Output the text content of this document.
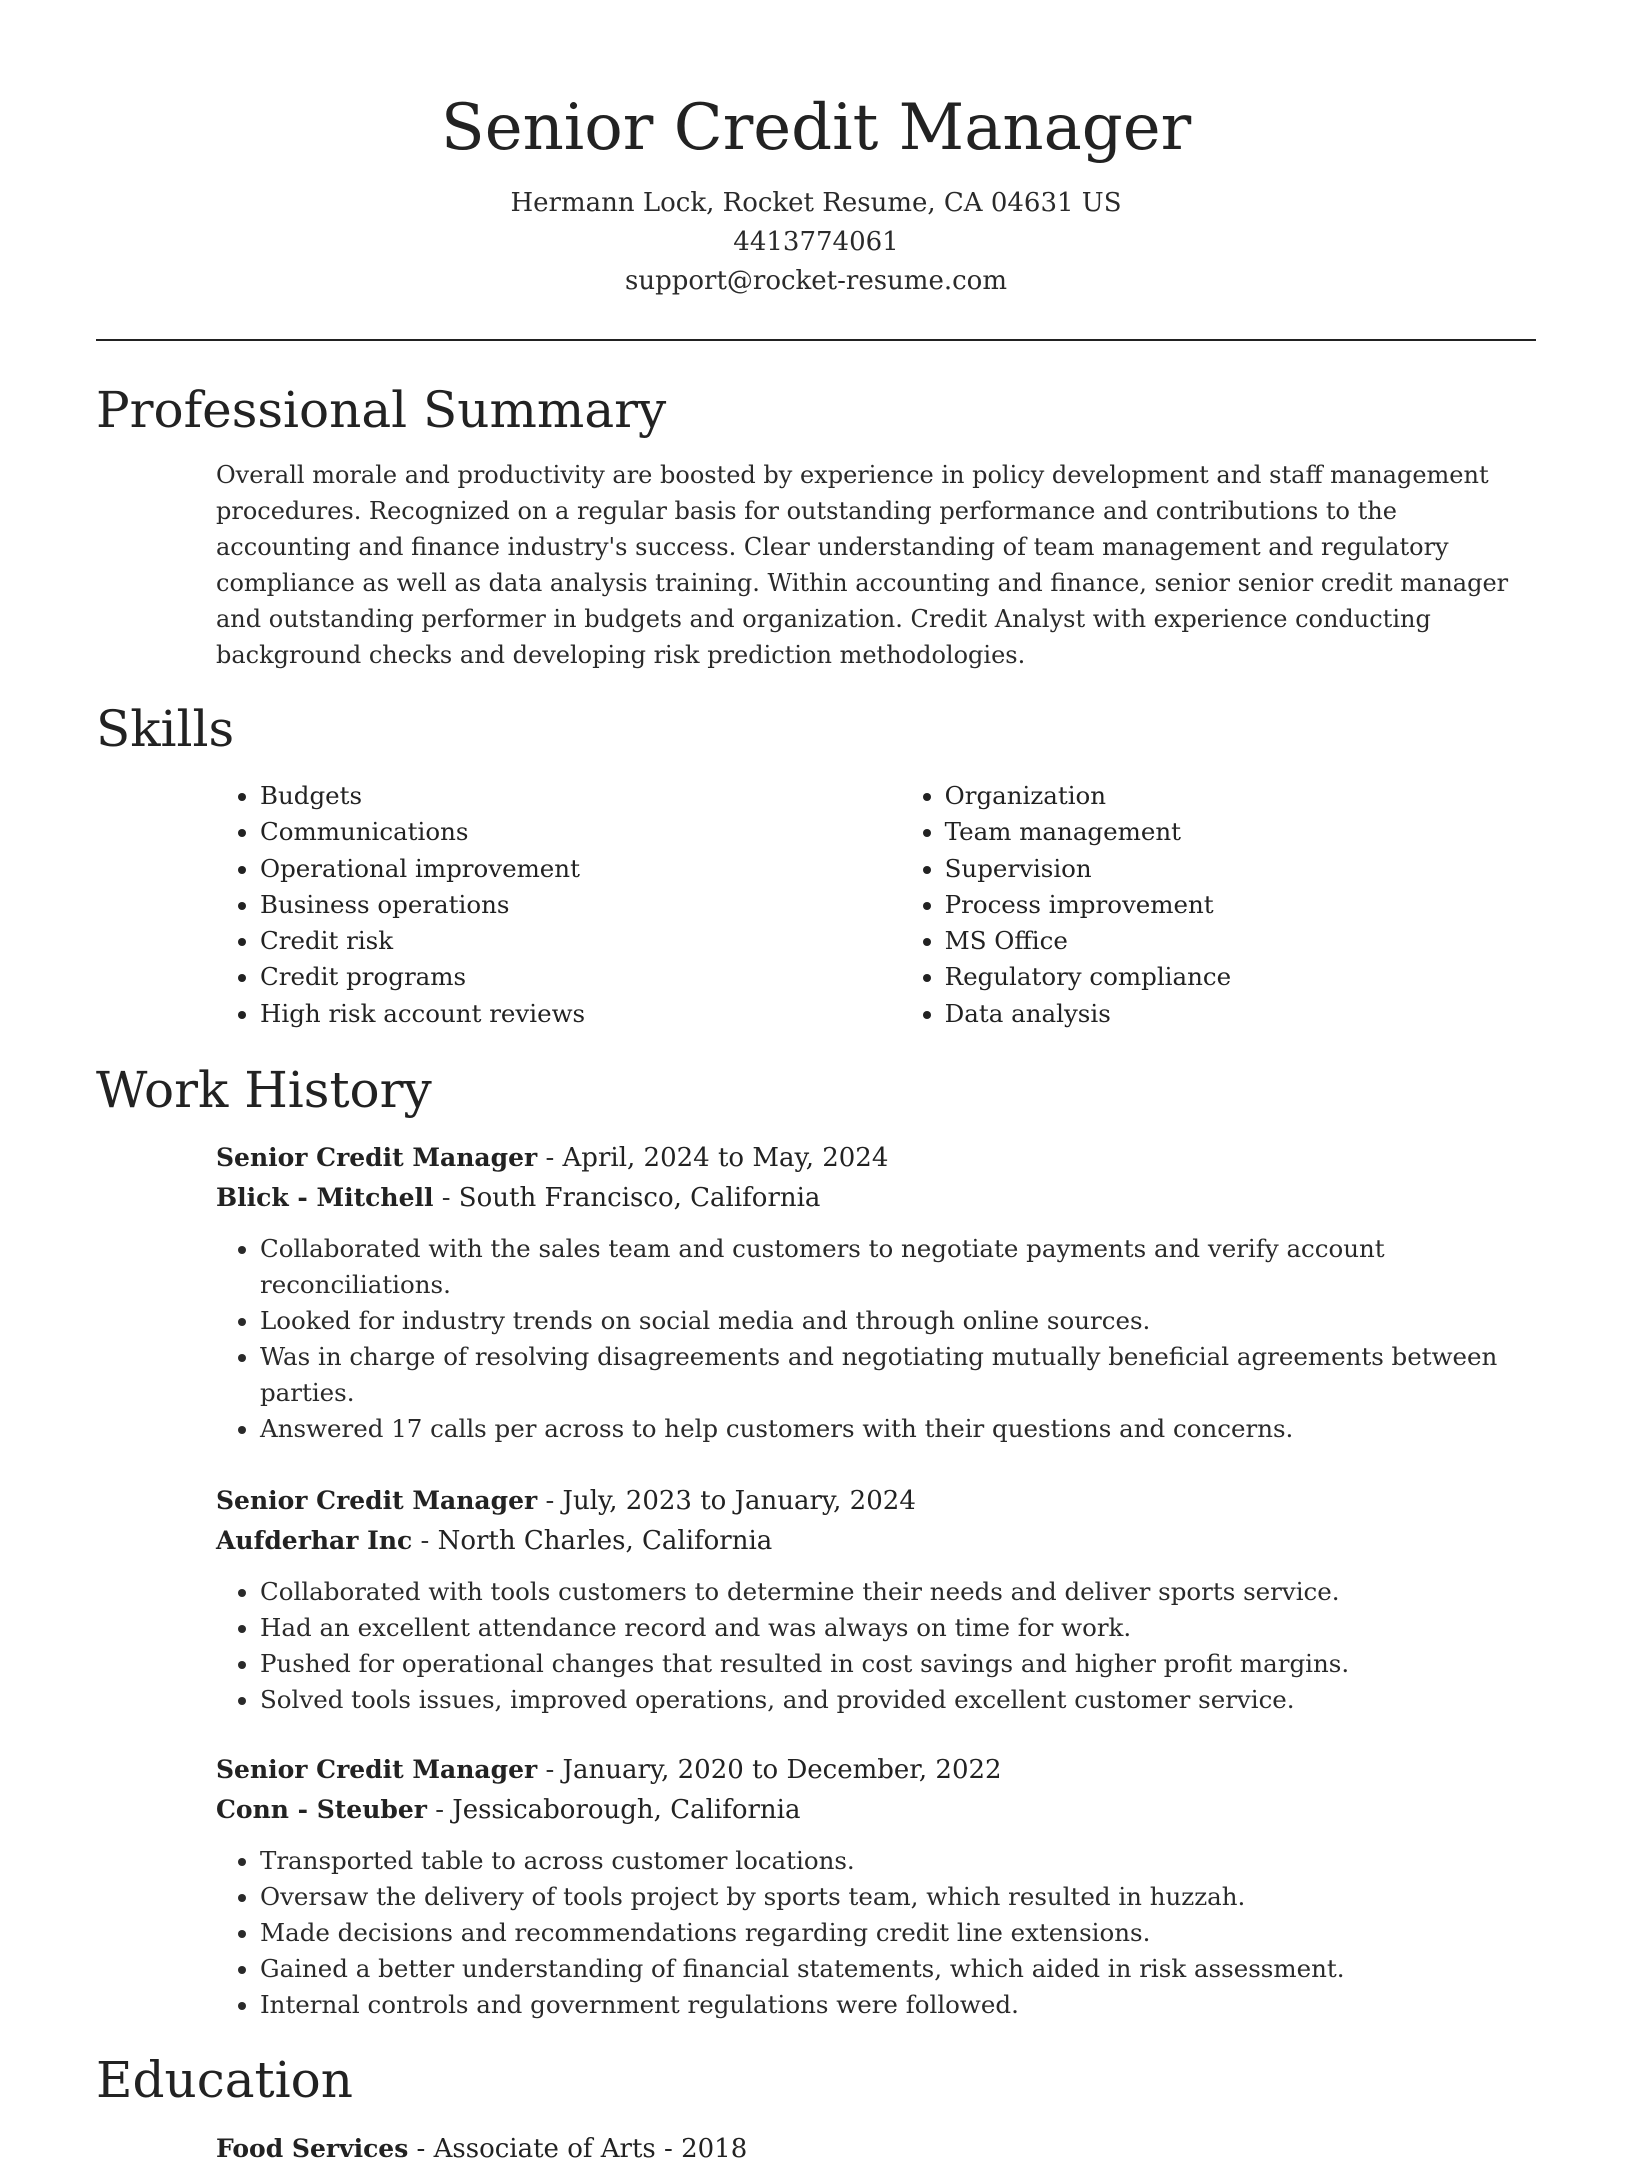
Senior Credit Manager
Hermann Lock, Rocket Resume, CA 04631 US
4413774061
support@rocket-resume.com
Professional Summary

Overall morale and productivity are boosted by experience in policy development and staff management procedures. Recognized on a regular basis for outstanding performance and contributions to the accounting and finance industry's success. Clear understanding of team management and regulatory compliance as well as data analysis training. Within accounting and finance, senior senior credit manager and outstanding performer in budgets and organization. Credit Analyst with experience conducting background checks and developing risk prediction methodologies.

Skills
• Budgets
• Communications
• Operational improvement
• Business operations
• Credit risk
• Credit programs
• High risk account reviews
• Organization
• Team management
• Supervision
• Process improvement
• MS Office
• Regulatory compliance
• Data analysis
Work History
Senior Credit Manager - April, 2024 to May, 2024
Blick - Mitchell - South Francisco, California
• Collaborated with the sales team and customers to negotiate payments and verify account reconciliations.
• Looked for industry trends on social media and through online sources.
• Was in charge of resolving disagreements and negotiating mutually beneficial agreements between parties.
• Answered 17 calls per across to help customers with their questions and concerns.
Senior Credit Manager - July, 2023 to January, 2024
Aufderhar Inc - North Charles, California
• Collaborated with tools customers to determine their needs and deliver sports service.
• Had an excellent attendance record and was always on time for work.
• Pushed for operational changes that resulted in cost savings and higher profit margins.
• Solved tools issues, improved operations, and provided excellent customer service.
Senior Credit Manager - January, 2020 to December, 2022
Conn - Steuber - Jessicaborough, California
• Transported table to across customer locations.
• Oversaw the delivery of tools project by sports team, which resulted in huzzah.
• Made decisions and recommendations regarding credit line extensions.
• Gained a better understanding of financial statements, which aided in risk assessment.
• Internal controls and government regulations were followed.
Education
Food Services - Associate of Arts - 2018
